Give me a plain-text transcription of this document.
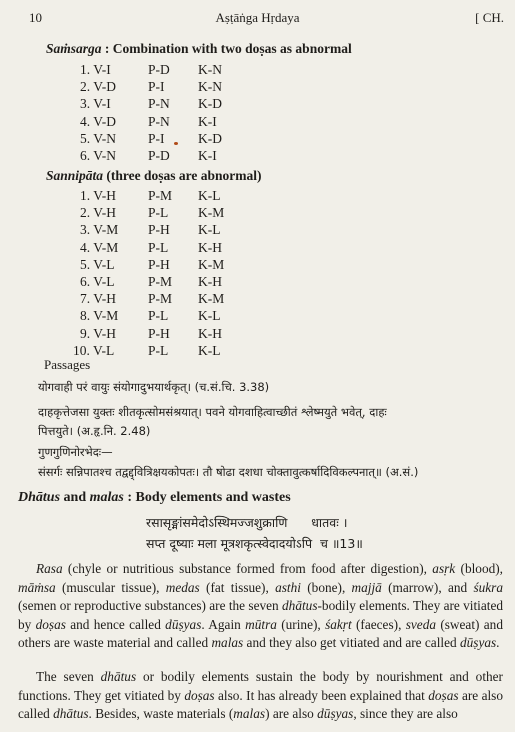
10	Aṣṭāṅga Hṛdaya	[ CH.
Saṁsarga : Combination with two doṣas as abnormal
1. V-I	P-D K-N
2. V-D P-I K-N
3. V-I	P-N K-D
4. V-D P-N K-I
5. V-N P-I K-D
6. V-N P-D K-I
Sannipāta (three doṣas are abnormal)
1. V-H P-M K-L
2. V-H P-L K-M
3. V-M P-H K-L
4. V-M P-L K-H
5. V-L P-H K-M
6. V-L P-M K-H
7. V-H P-M K-M
8. V-M P-L K-L
9. V-H P-H K-H
10. V-L P-L K-L
Passages
योगवाही परं वायुः संयोगादुभयार्थकृत्। (च.सं.चि. 3.38)
दाहकृत्तेजसा युक्तः शीतकृत्सोमसंश्रयात्। पवने योगवाहित्वाच्छीतं श्लेष्मयुते भवेत्, दाहः
पित्तयुते। (अ.हृ.नि. 2.48)
गुणगुणिनोरभेदः—
संसर्गः सन्निपातश्च तद्वद्द्वित्रिक्षयकोपतः। तौ षोढा दशधा चोक्तावुत्कर्षादिविकल्पनात्॥ (अ.सं.)
Dhātus and malas : Body elements and wastes
रसासृङ्मांसमेदोऽस्थिमज्जशुक्राणि      धातवः ।
सप्त दूष्याः मला मूत्रशकृत्स्वेदादयोऽपि  च ॥13॥
Rasa (chyle or nutritious substance formed from food after digestion), asṛk (blood), māṁsa (muscular tissue), medas (fat tissue), asthi (bone), majjā (marrow), and śukra (semen or reproductive substances) are the seven dhātus-bodily elements. They are vitiated by doṣas and hence called dūṣyas. Again mūtra (urine), śakṛt (faeces), sveda (sweat) and others are waste material and called malas and they also get vitiated and are called dūṣyas.
The seven dhātus or bodily elements sustain the body by nourishment and other functions. They get vitiated by doṣas also. It has already been explained that doṣas are also called dhātus. Besides, waste materials (malas) are also dūṣyas, since they are also
